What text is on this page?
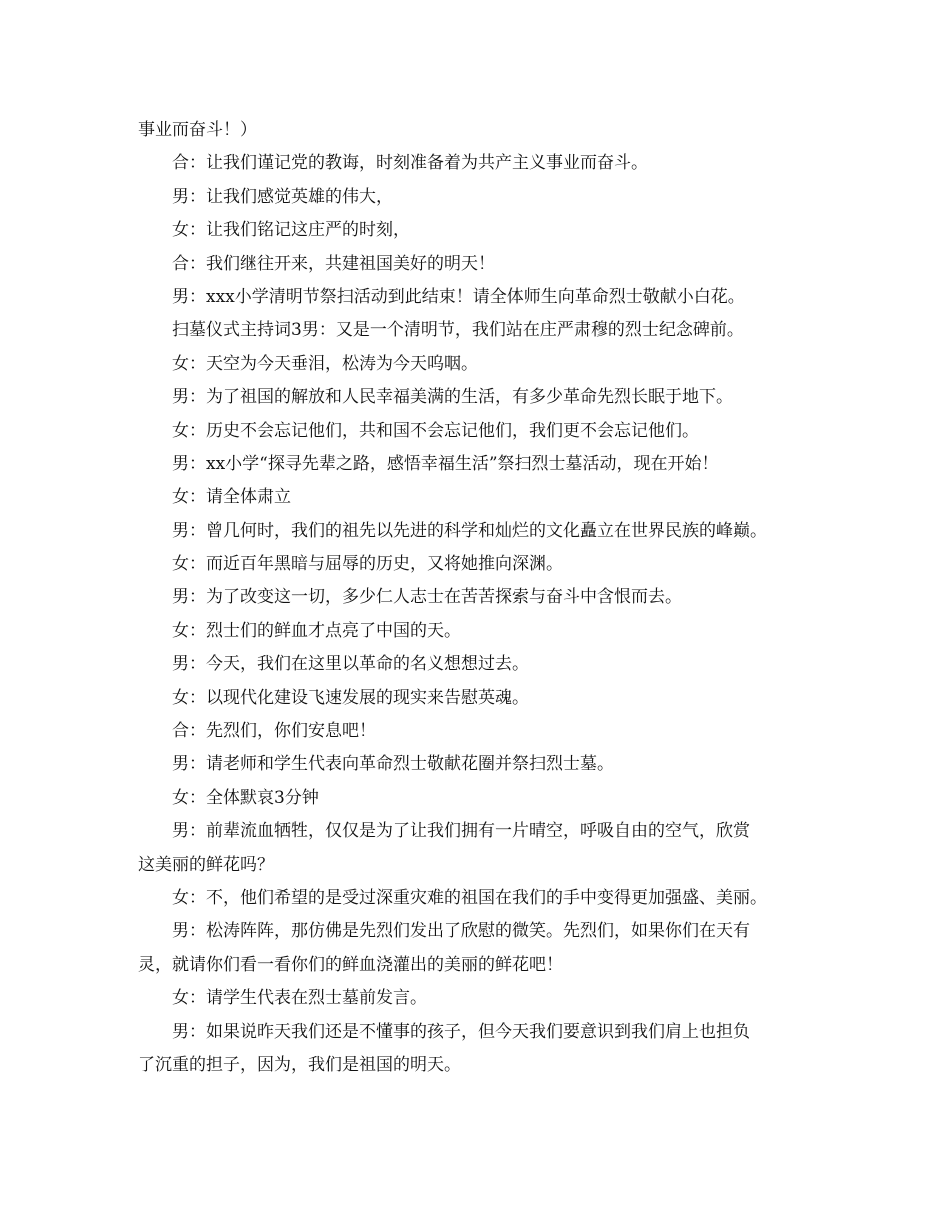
事业而奋斗！）
合：让我们谨记党的教诲，时刻准备着为共产主义事业而奋斗。
男：让我们感觉英雄的伟大，
女：让我们铭记这庄严的时刻，
合：我们继往开来，共建祖国美好的明天！
男：xxx小学清明节祭扫活动到此结束！请全体师生向革命烈士敬献小白花。
扫墓仪式主持词3男：又是一个清明节，我们站在庄严肃穆的烈士纪念碑前。
女：天空为今天垂泪，松涛为今天呜咽。
男：为了祖国的解放和人民幸福美满的生活，有多少革命先烈长眠于地下。
女：历史不会忘记他们，共和国不会忘记他们，我们更不会忘记他们。
男：xx小学“探寻先辈之路，感悟幸福生活”祭扫烈士墓活动，现在开始！
女：请全体肃立
男：曾几何时，我们的祖先以先进的科学和灿烂的文化矗立在世界民族的峰巅。
女：而近百年黑暗与屈辱的历史，又将她推向深渊。
男：为了改变这一切，多少仁人志士在苦苦探索与奋斗中含恨而去。
女：烈士们的鲜血才点亮了中国的天。
男：今天，我们在这里以革命的名义想想过去。
女：以现代化建设飞速发展的现实来告慰英魂。
合：先烈们，你们安息吧！
男：请老师和学生代表向革命烈士敬献花圈并祭扫烈士墓。
女：全体默哀3分钟
男：前辈流血牺牲，仅仅是为了让我们拥有一片晴空，呼吸自由的空气，欣赏
这美丽的鲜花吗？
女：不，他们希望的是受过深重灾难的祖国在我们的手中变得更加强盛、美丽。
男：松涛阵阵，那仿佛是先烈们发出了欣慰的微笑。先烈们，如果你们在天有
灵，就请你们看一看你们的鲜血浇灌出的美丽的鲜花吧！
女：请学生代表在烈士墓前发言。
男：如果说昨天我们还是不懂事的孩子，但今天我们要意识到我们肩上也担负
了沉重的担子，因为，我们是祖国的明天。
